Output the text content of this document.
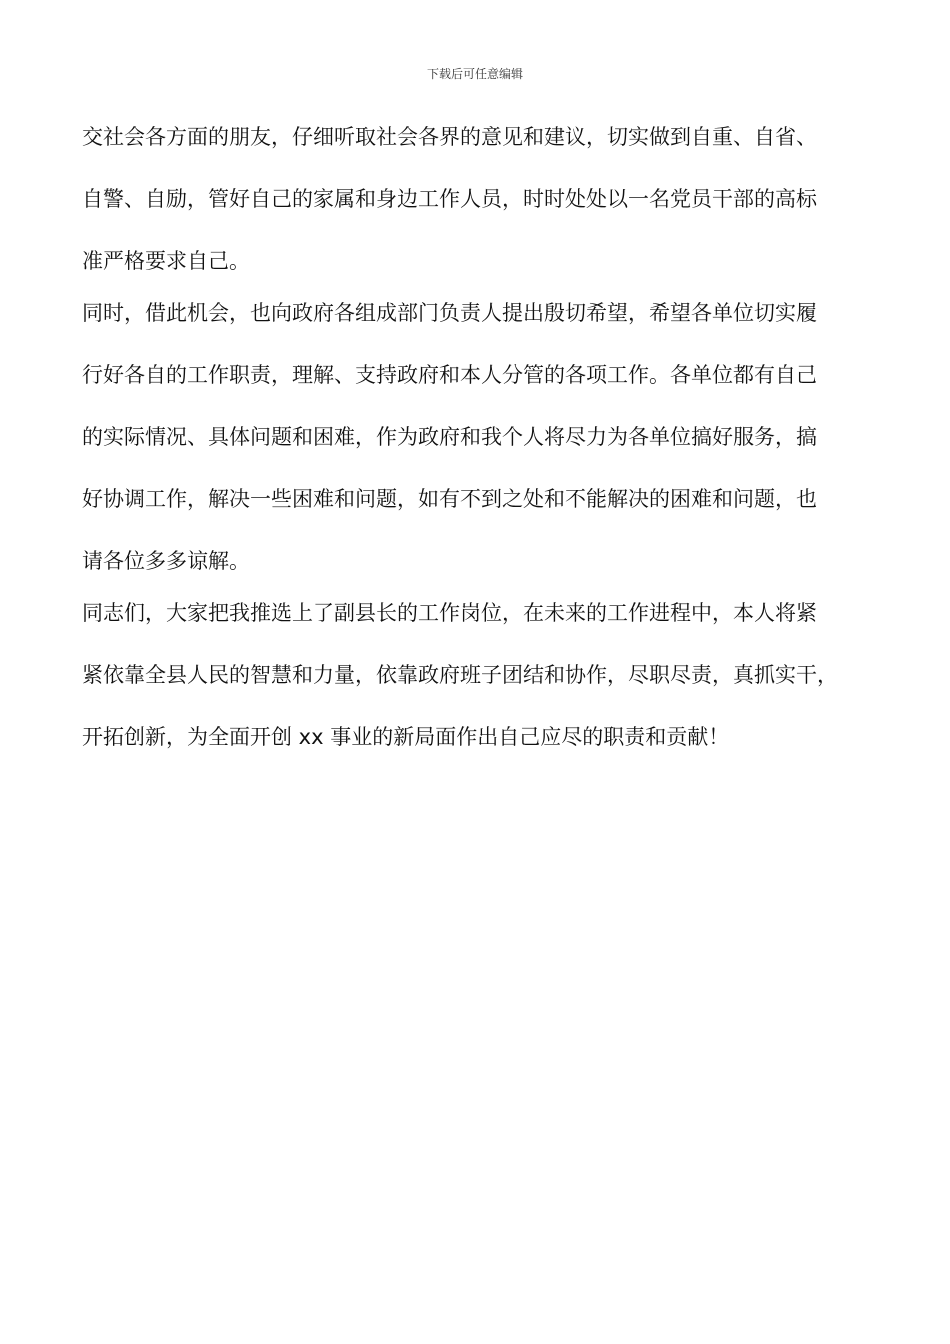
下载后可任意编辑

交社会各方面的朋友，仔细听取社会各界的意见和建议，切实做到自重、自省、
自警、自励，管好自己的家属和身边工作人员，时时处处以一名党员干部的高标
准严格要求自己。

同时，借此机会，也向政府各组成部门负责人提出殷切希望，希望各单位切实履
行好各自的工作职责，理解、支持政府和本人分管的各项工作。各单位都有自己
的实际情况、具体问题和困难，作为政府和我个人将尽力为各单位搞好服务，搞
好协调工作，解决一些困难和问题，如有不到之处和不能解决的困难和问题，也
请各位多多谅解。

同志们，大家把我推选上了副县长的工作岗位，在未来的工作进程中，本人将紧
紧依靠全县人民的智慧和力量，依靠政府班子团结和协作，尽职尽责，真抓实干，
开拓创新，为全面开创 xx 事业的新局面作出自己应尽的职责和贡献！
